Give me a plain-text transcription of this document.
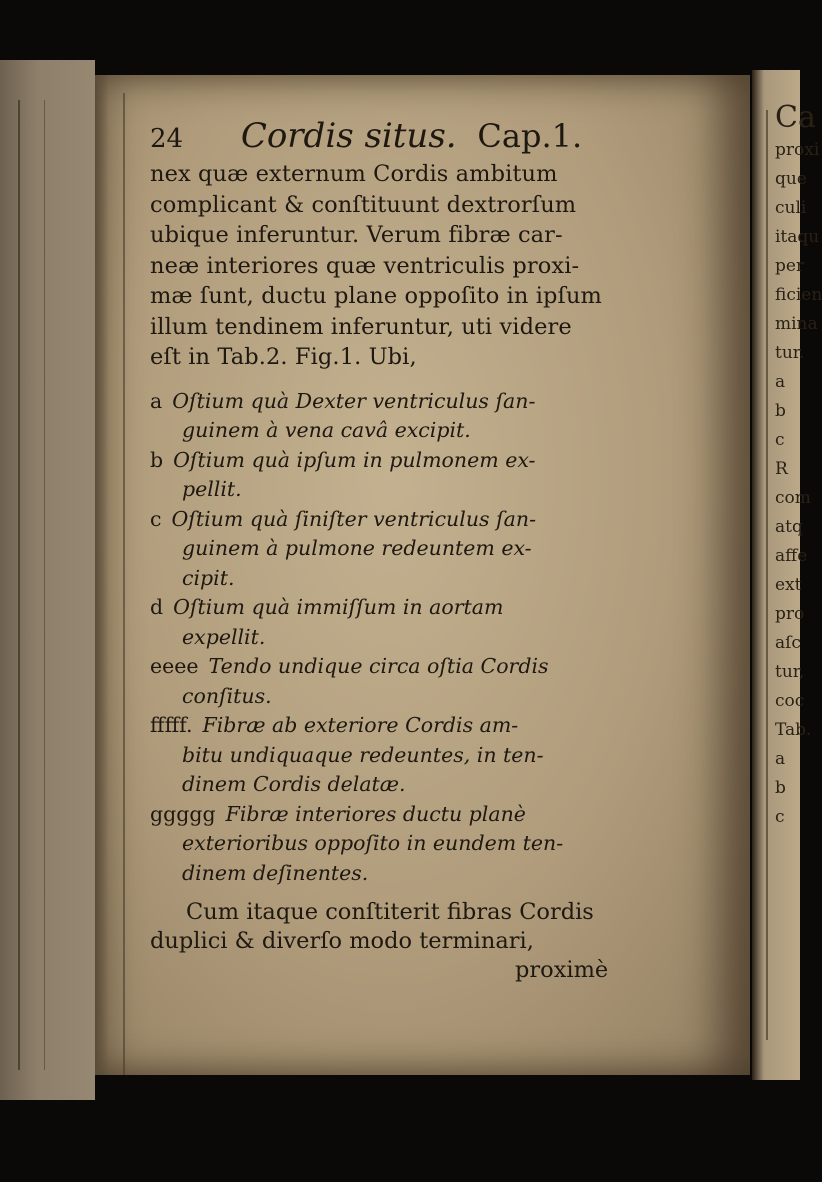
24 Cordis situs. Cap.1.
nex quæ externum Cordis ambitum
complicant & conſtituunt dextrorſum
ubique inferuntur. Verum fibræ car-
neæ interiores quæ ventriculis proxi-
mæ ſunt, ductu plane oppoſito in ipſum
illum tendinem inferuntur, uti videre
eſt in Tab.2. Fig.1. Ubi,
a Oſtium quà Dexter ventriculus ſan-
guinem à vena cavâ excipit.
b Oſtium quà ipſum in pulmonem ex-
pellit.
c Oſtium quà ſiniſter ventriculus ſan-
guinem à pulmone redeuntem ex-
cipit.
d Oſtium quà immiſſum in aortam
expellit.
eeee Tendo undique circa oſtia Cordis
conſitus.
fffff. Fibræ ab exteriore Cordis am-
bitu undiquaque redeuntes, in ten-
dinem Cordis delatæ.
ggggg Fibræ interiores ductu planè
exterioribus oppoſito in eundem ten-
dinem deſinentes.
Cum itaque conſtiterit fibras Cordis
duplici & diverſo modo terminari,
proximè
Ca
proxi
que
culi
itaqu
per
ficien
mina
tur.
a
b
c
R
com
atq
affe
ext
pro
aſc
tur,
coc
Tab.
a
b
c
